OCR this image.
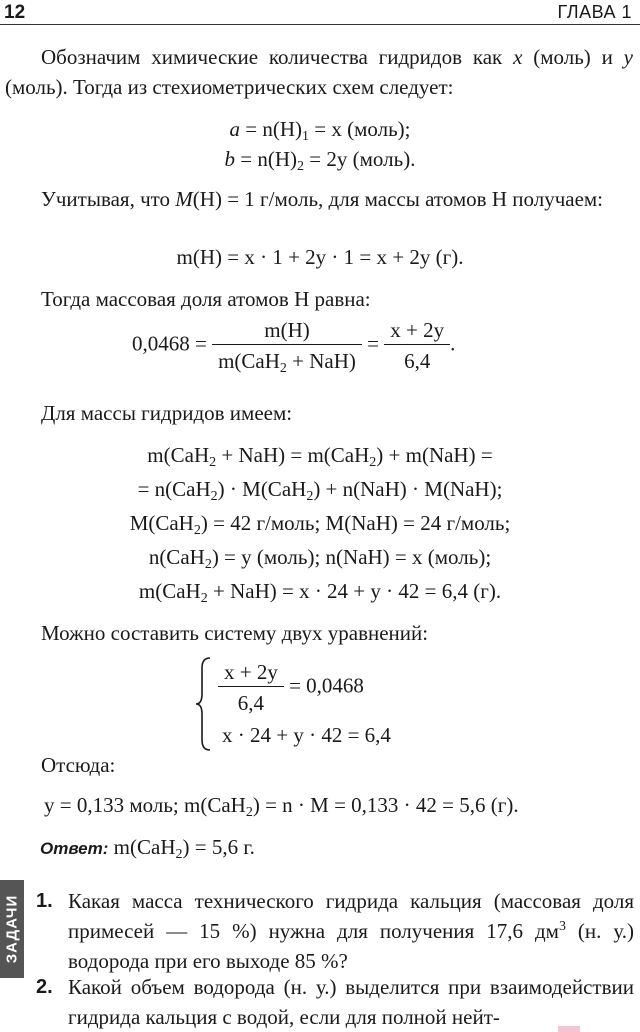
12	ГЛАВА 1
Обозначим химические количества гидридов как x (моль) и y (моль). Тогда из стехиометрических схем следует:
$a = n(H)_1 = x$ (моль);
$b = n(H)_2 = 2y$ (моль).
Учитывая, что M(H) = 1 г/моль, для массы атомов H получаем:
m(H) = x · 1 + 2y · 1 = x + 2y (г).
Тогда массовая доля атомов H равна:
$0,0468 = \frac{m(H)}{m(CaH_2 + NaH)} = \frac{x + 2y}{6,4}$ .
Для массы гидридов имеем:
m(CaH$_2$ + NaH) = m(CaH$_2$) + m(NaH) =
= n(CaH$_2$) · M(CaH$_2$) + n(NaH) · M(NaH);
M(CaH$_2$) = 42 г/моль; M(NaH) = 24 г/моль;
n(CaH$_2$) = y (моль); n(NaH) = x (моль);
m(CaH$_2$ + NaH) = x · 24 + y · 42 = 6,4 (г).
Можно составить систему двух уравнений:
$\frac{x + 2y}{6,4} = 0,0468$
x · 24 + y · 42 = 6,4
Отсюда:
y = 0,133 моль; m(CaH$_2$) = n · M = 0,133 · 42 = 5,6 (г).
Ответ: m(CaH$_2$) = 5,6 г.
ЗАДАЧИ 1. Какая масса технического гидрида кальция (массовая доля примесей — 15 %) нужна для получения 17,6 $дм^3$ (н. у.) водорода при его выходе 85 %?
2. Какой объем водорода (н. у.) выделится при взаимодействии гидрида кальция с водой, если для полной нейт-
